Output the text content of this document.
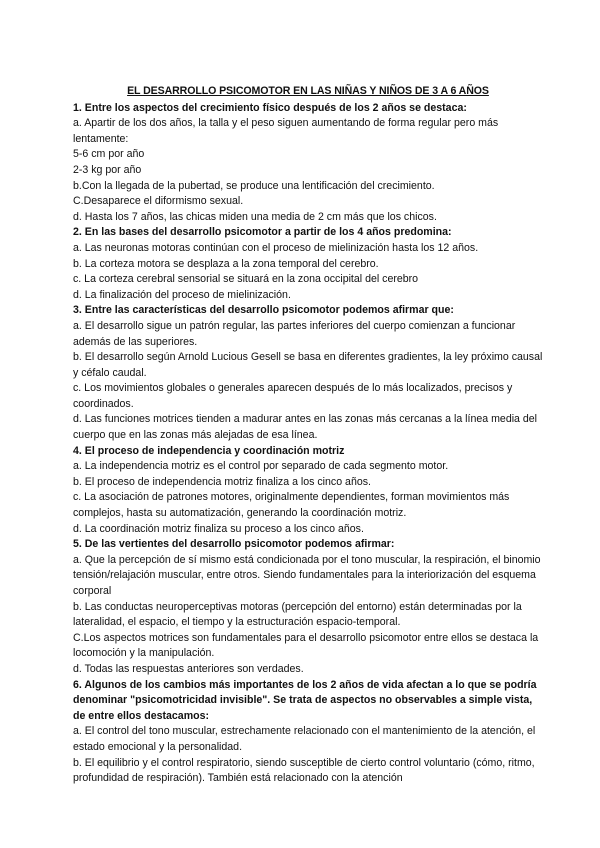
EL DESARROLLO PSICOMOTOR EN LAS NIÑAS Y NIÑOS DE 3 A 6 AÑOS
1. Entre los aspectos del crecimiento físico después de los 2 años se destaca:
a. Apartir de los dos años, la talla y el peso siguen aumentando de forma regular pero más lentamente:
5-6 cm por año
2-3 kg por año
b.Con la llegada de la pubertad, se produce una lentificación del crecimiento.
C.Desaparece el diformismo sexual.
d. Hasta los 7 años, las chicas miden una media de 2 cm más que los chicos.
2. En las bases del desarrollo psicomotor a partir de los 4 años predomina:
a. Las neuronas motoras continúan con el proceso de mielinización hasta los 12 años.
b. La corteza motora se desplaza a la zona temporal del cerebro.
c. La corteza cerebral sensorial se situará en la zona occipital del cerebro
d. La finalización del proceso de mielinización.
3. Entre las características del desarrollo psicomotor podemos afirmar que:
a. El desarrollo sigue un patrón regular, las partes inferiores del cuerpo comienzan a funcionar además de las superiores.
b. El desarrollo según Arnold Lucious Gesell se basa en diferentes gradientes, la ley próximo causal y céfalo caudal.
c. Los movimientos globales o generales aparecen después de lo más localizados, precisos y coordinados.
d. Las funciones motrices tienden a madurar antes en las zonas más cercanas a la línea media del cuerpo que en las zonas más alejadas de esa línea.
4. El proceso de independencia y coordinación motriz
a. La independencia motriz es el control por separado de cada segmento motor.
b. El proceso de independencia motriz finaliza a los cinco años.
c. La asociación de patrones motores, originalmente dependientes, forman movimientos más complejos, hasta su automatización, generando la coordinación motriz.
d. La coordinación motriz finaliza su proceso a los cinco años.
5. De las vertientes del desarrollo psicomotor podemos afirmar:
a. Que la percepción de sí mismo está condicionada por el tono muscular, la respiración, el binomio tensión/relajación muscular, entre otros. Siendo fundamentales para la interiorización del esquema corporal
b. Las conductas neuroperceptivas motoras (percepción del entorno) están determinadas por la lateralidad, el espacio, el tiempo y la estructuración espacio-temporal.
C.Los aspectos motrices son fundamentales para el desarrollo psicomotor entre ellos se destaca la locomoción y la manipulación.
d. Todas las respuestas anteriores son verdades.
6. Algunos de los cambios más importantes de los 2 años de vida afectan a lo que se podría denominar "psicomotricidad invisible". Se trata de aspectos no observables a simple vista, de entre ellos destacamos:
a. El control del tono muscular, estrechamente relacionado con el mantenimiento de la atención, el estado emocional y la personalidad.
b. El equilibrio y el control respiratorio, siendo susceptible de cierto control voluntario (cómo, ritmo, profundidad de respiración). También está relacionado con la atención
